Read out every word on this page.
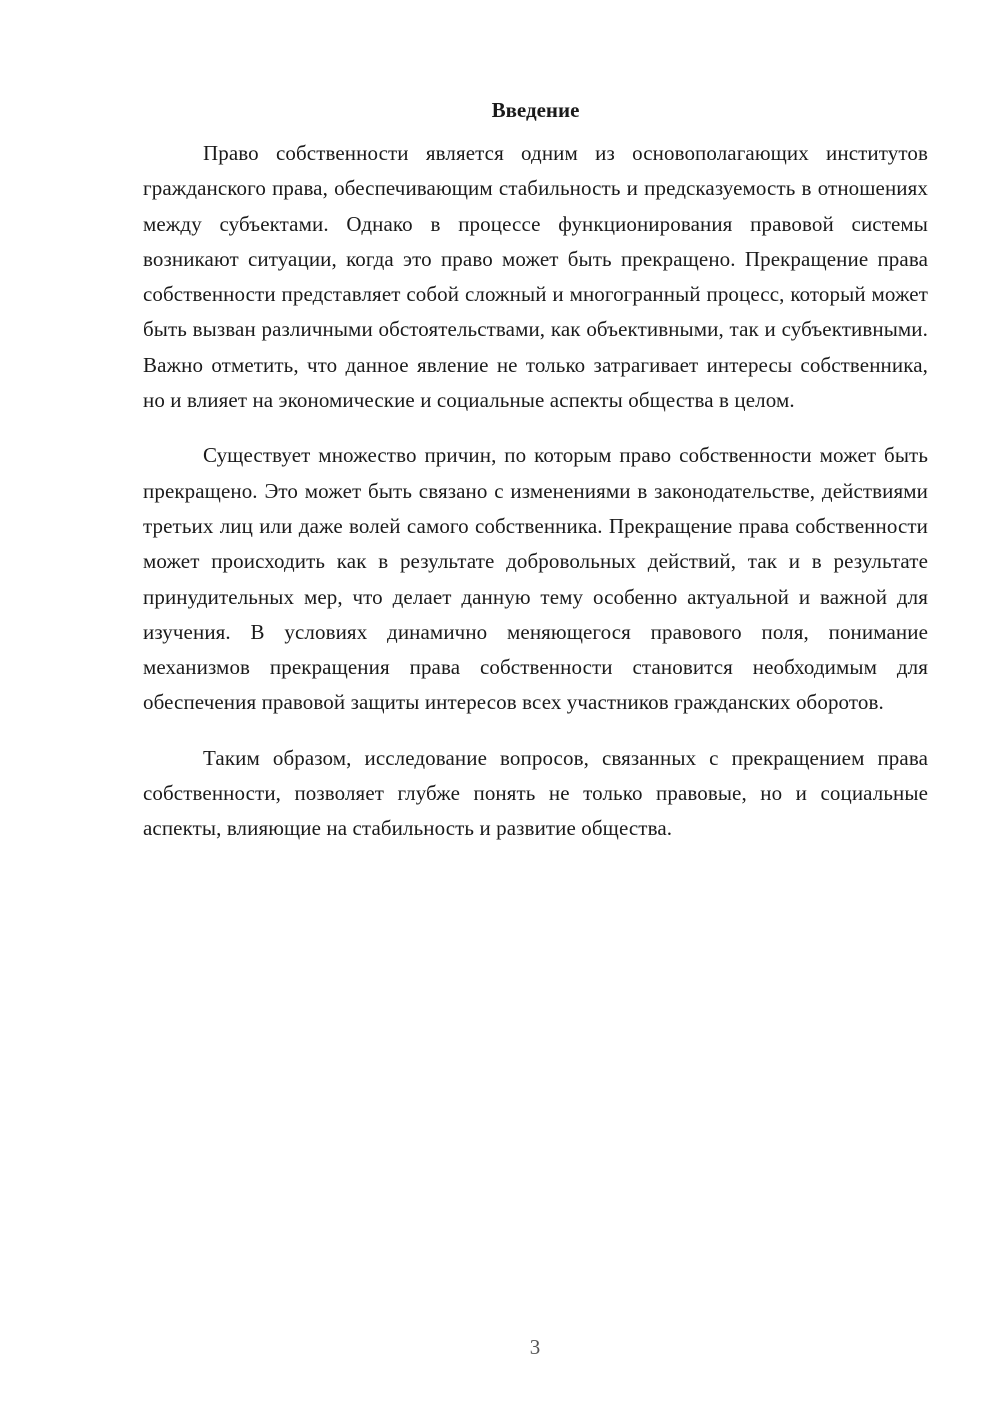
Введение

Право собственности является одним из основополагающих институтов гражданского права, обеспечивающим стабильность и предсказуемость в отношениях между субъектами. Однако в процессе функционирования правовой системы возникают ситуации, когда это право может быть прекращено. Прекращение права собственности представляет собой сложный и многогранный процесс, который может быть вызван различными обстоятельствами, как объективными, так и субъективными. Важно отметить, что данное явление не только затрагивает интересы собственника, но и влияет на экономические и социальные аспекты общества в целом.

Существует множество причин, по которым право собственности может быть прекращено. Это может быть связано с изменениями в законодательстве, действиями третьих лиц или даже волей самого собственника. Прекращение права собственности может происходить как в результате добровольных действий, так и в результате принудительных мер, что делает данную тему особенно актуальной и важной для изучения. В условиях динамично меняющегося правового поля, понимание механизмов прекращения права собственности становится необходимым для обеспечения правовой защиты интересов всех участников гражданских оборотов.

Таким образом, исследование вопросов, связанных с прекращением права собственности, позволяет глубже понять не только правовые, но и социальные аспекты, влияющие на стабильность и развитие общества.

3
